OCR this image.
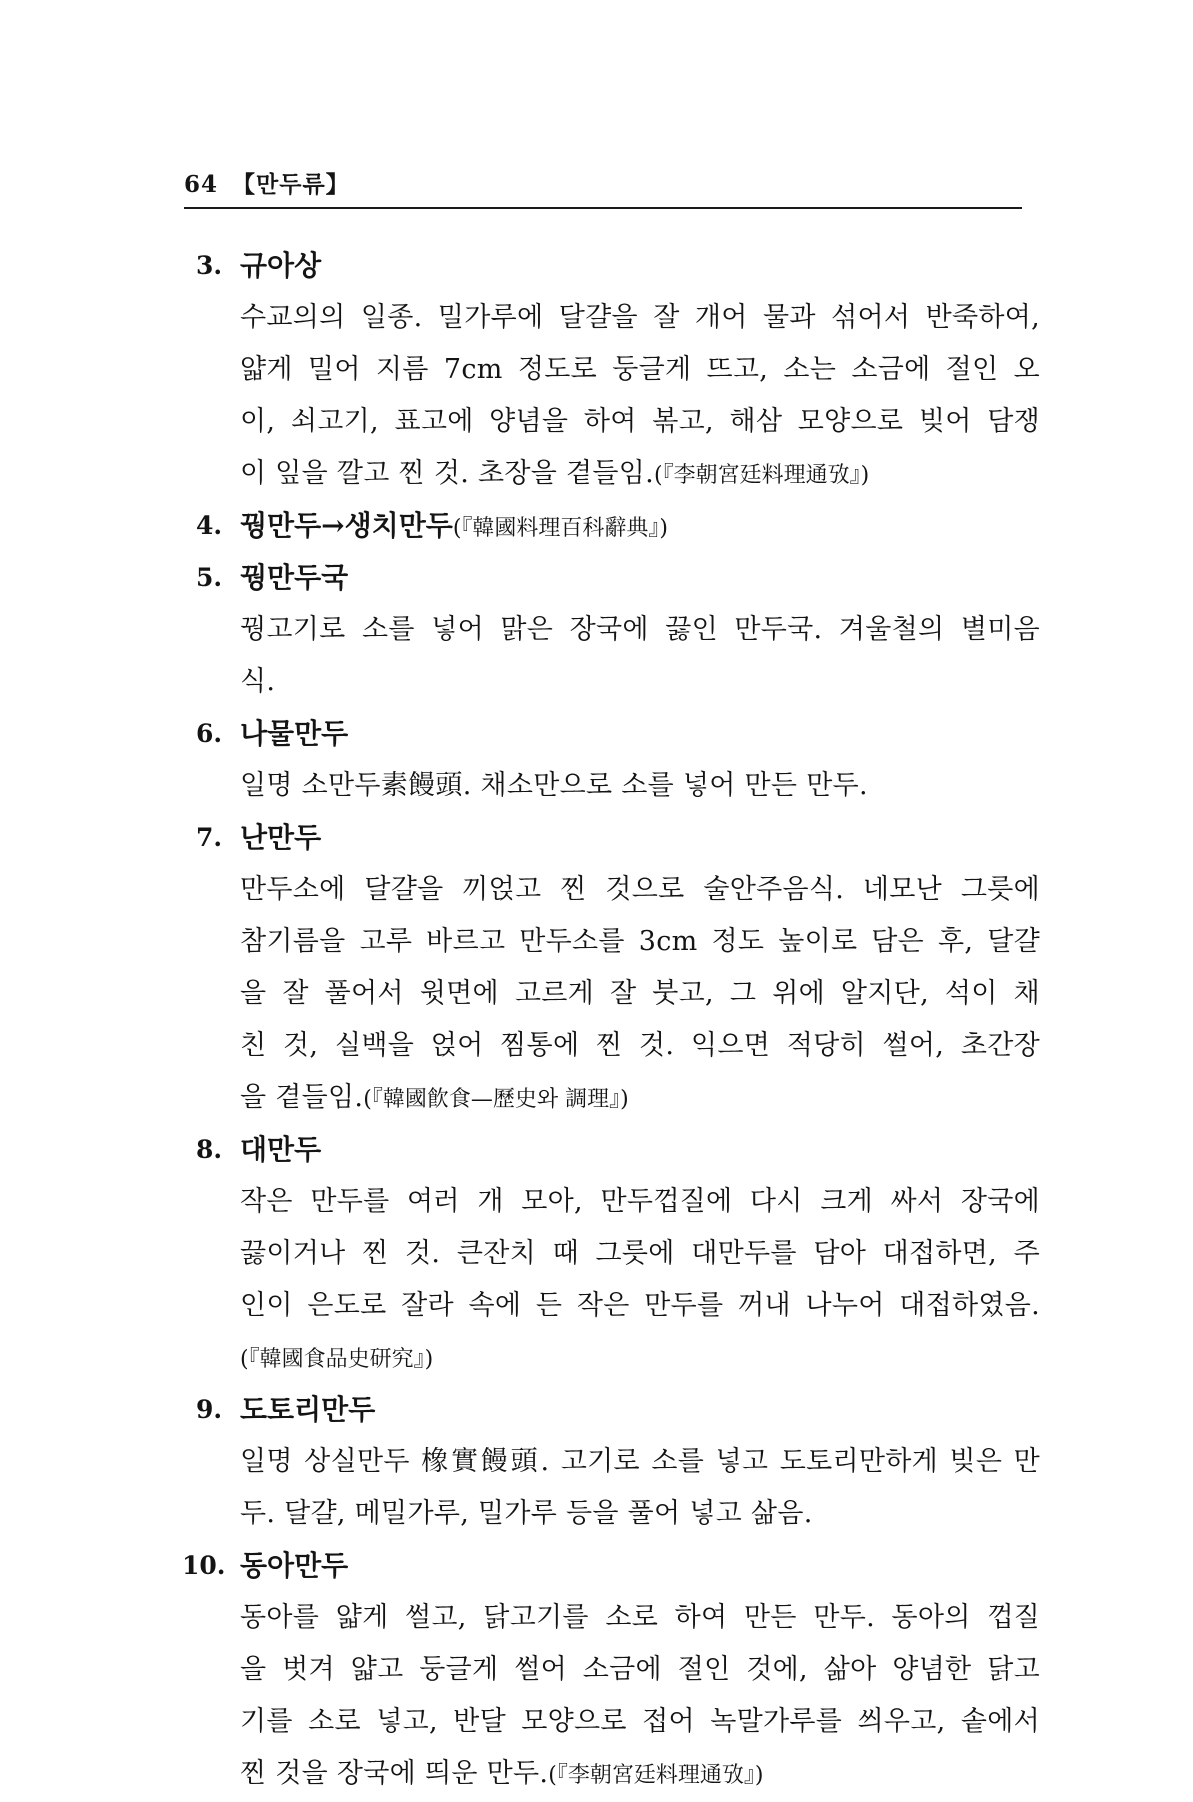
64 【만두류】
3. 규아상
수교의의 일종. 밀가루에 달걀을 잘 개어 물과 섞어서 반죽하여,
얇게 밀어 지름 7cm 정도로 둥글게 뜨고, 소는 소금에 절인 오
이, 쇠고기, 표고에 양념을 하여 볶고, 해삼 모양으로 빚어 담쟁
이 잎을 깔고 찐 것. 초장을 곁들임.(『李朝宮廷料理通攷』)
4. 꿩만두→생치만두(『韓國料理百科辭典』)
5. 꿩만두국
꿩고기로 소를 넣어 맑은 장국에 끓인 만두국. 겨울철의 별미음
식.
6. 나물만두
일명 소만두素饅頭. 채소만으로 소를 넣어 만든 만두.
7. 난만두
만두소에 달걀을 끼얹고 찐 것으로 술안주음식. 네모난 그릇에
참기름을 고루 바르고 만두소를 3cm 정도 높이로 담은 후, 달걀
을 잘 풀어서 윗면에 고르게 잘 붓고, 그 위에 알지단, 석이 채
친 것, 실백을 얹어 찜통에 찐 것. 익으면 적당히 썰어, 초간장
을 곁들임.(『韓國飮食—歷史와 調理』)
8. 대만두
작은 만두를 여러 개 모아, 만두껍질에 다시 크게 싸서 장국에
끓이거나 찐 것. 큰잔치 때 그릇에 대만두를 담아 대접하면, 주
인이 은도로 잘라 속에 든 작은 만두를 꺼내 나누어 대접하였음.
(『韓國食品史研究』)
9. 도토리만두
일명 상실만두 橡實饅頭. 고기로 소를 넣고 도토리만하게 빚은 만
두. 달걀, 메밀가루, 밀가루 등을 풀어 넣고 삶음.
10. 동아만두
동아를 얇게 썰고, 닭고기를 소로 하여 만든 만두. 동아의 껍질
을 벗겨 얇고 둥글게 썰어 소금에 절인 것에, 삶아 양념한 닭고
기를 소로 넣고, 반달 모양으로 접어 녹말가루를 씌우고, 솥에서
찐 것을 장국에 띄운 만두.(『李朝宮廷料理通攷』)
